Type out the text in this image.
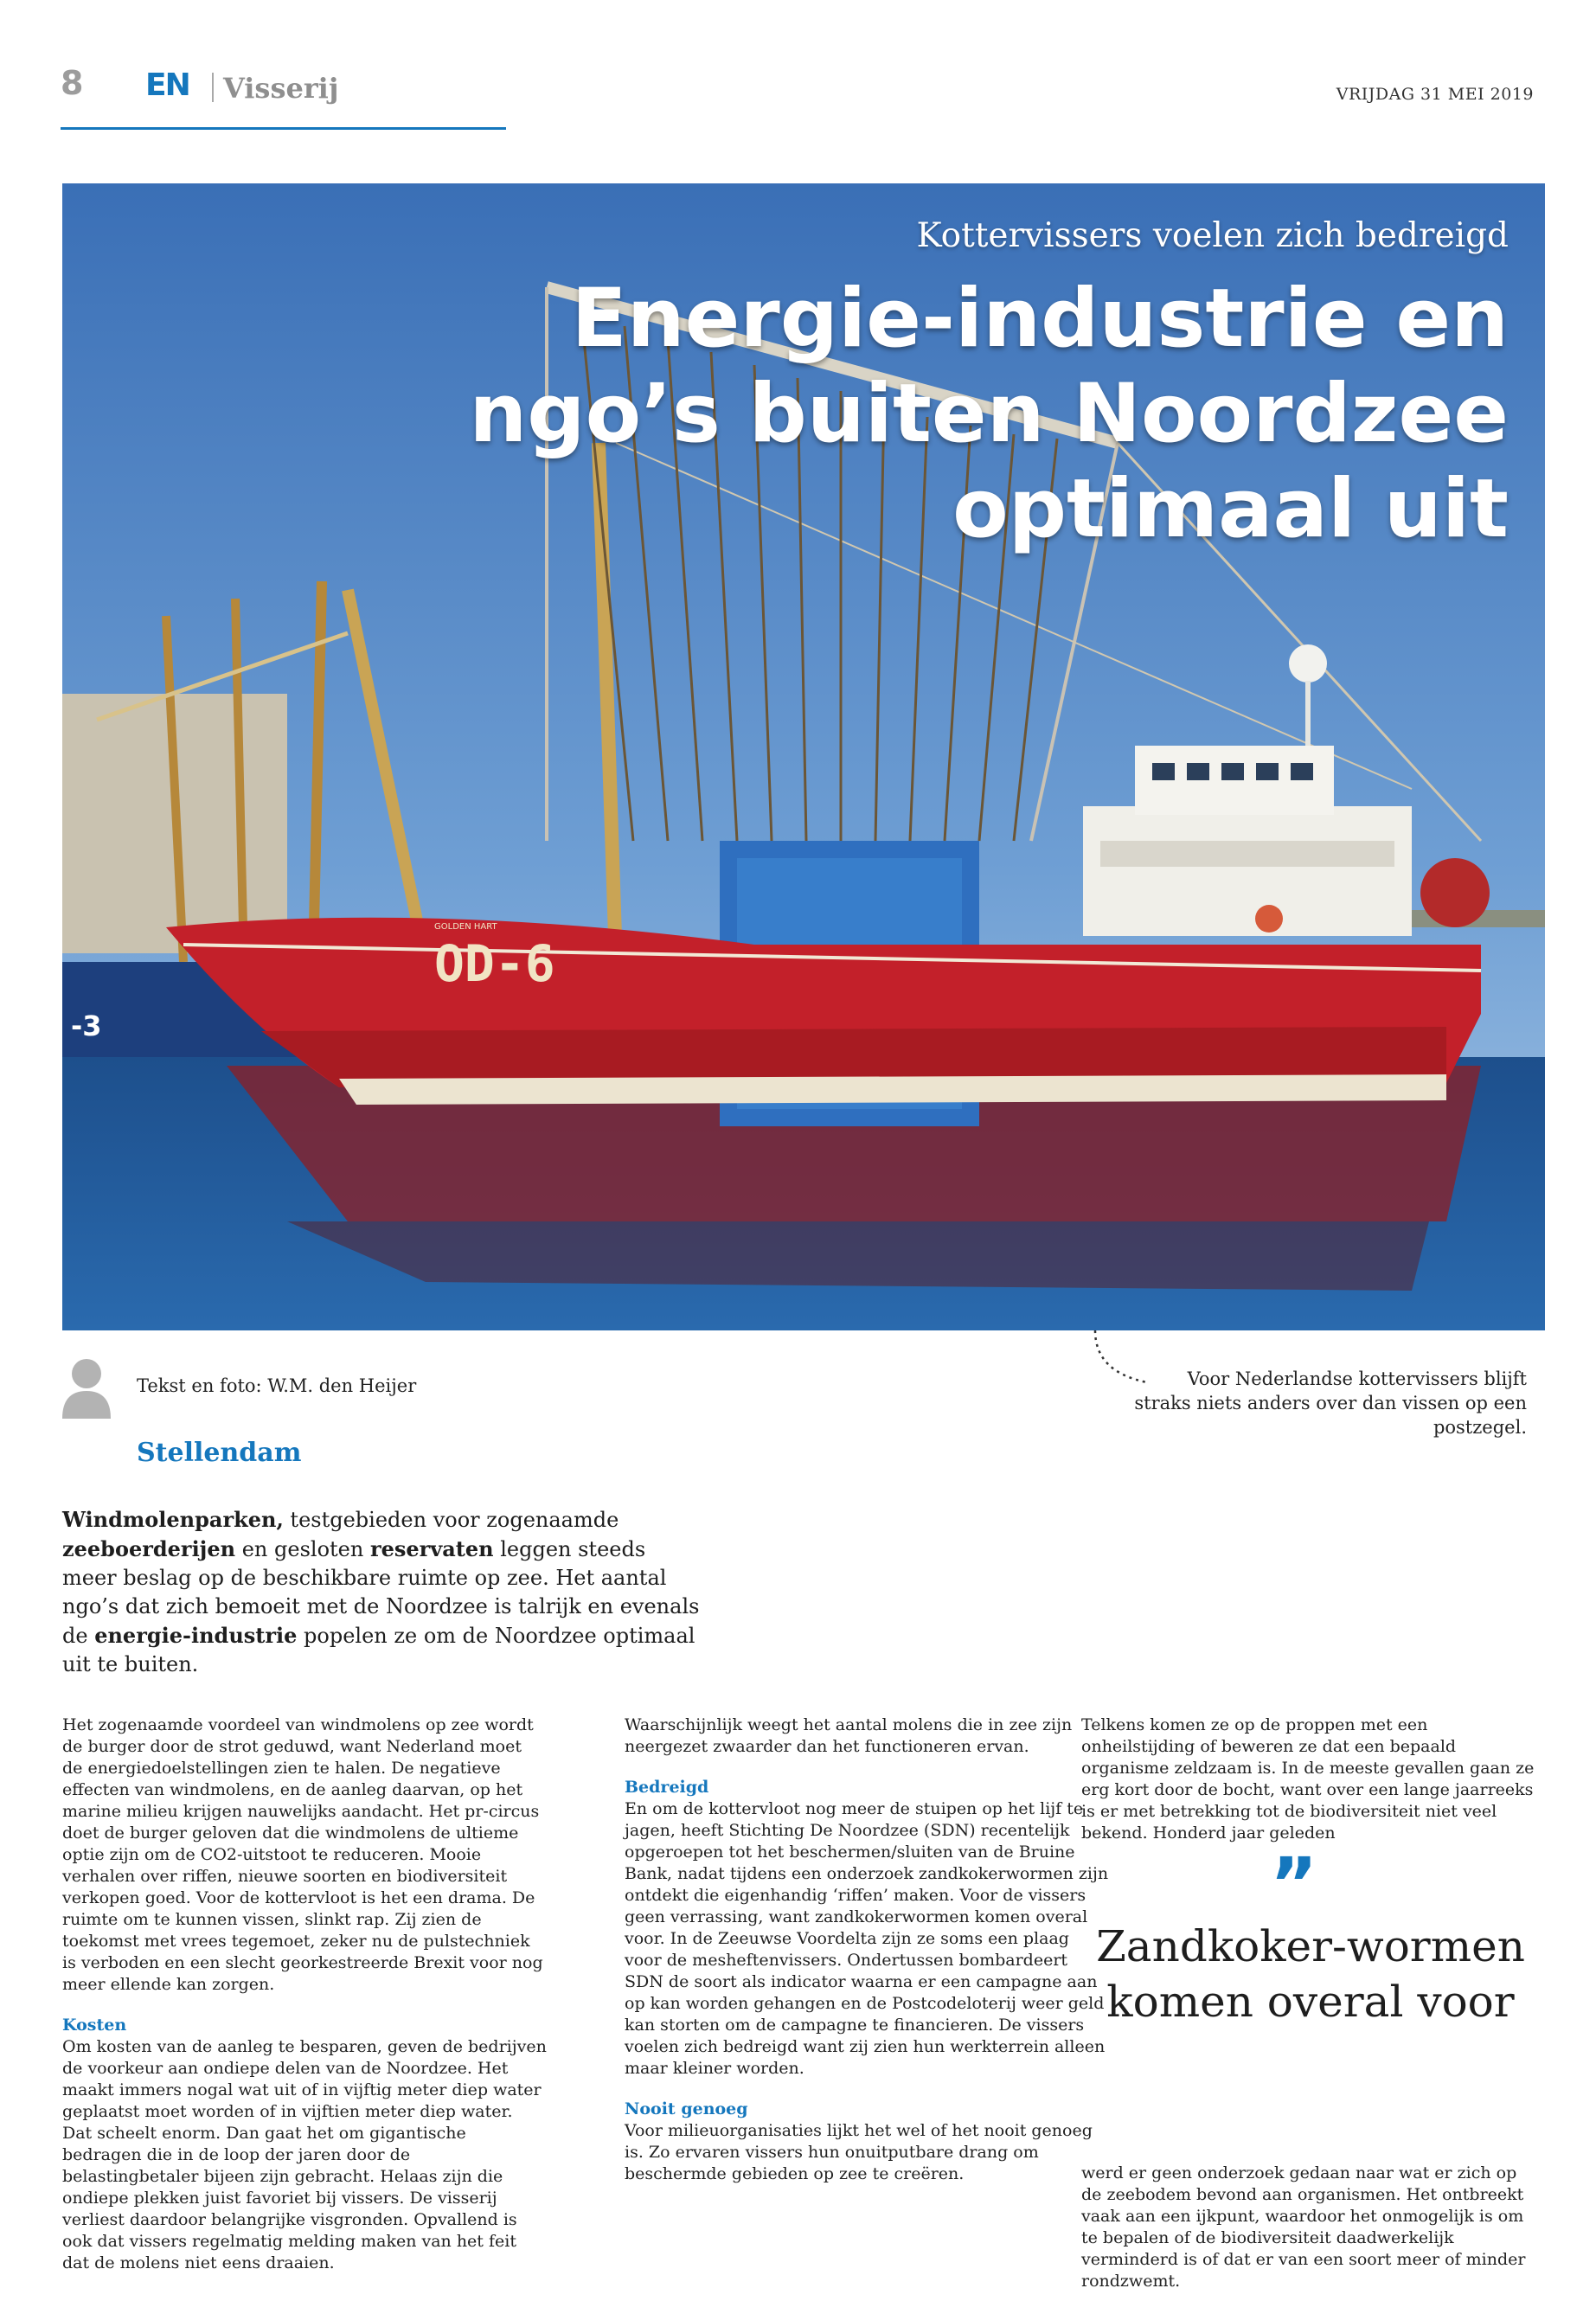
8 EN Visserij	VRIJDAG 31 MEI 2019
-3
OD-6
GOLDEN HART
Kottervissers voelen zich bedreigd
Energie-industrie en ngo’s buiten Noordzee optimaal uit
Tekst en foto: W.M. den Heijer
Stellendam
Voor Nederlandse kottervissers blijft straks niets anders over dan vissen op een postzegel.
Windmolenparken, testgebieden voor zogenaamde zeeboerderijen en gesloten reservaten leggen steeds meer beslag op de beschikbare ruimte op zee. Het aantal ngo’s dat zich bemoeit met de Noordzee is talrijk en evenals de energie-industrie popelen ze om de Noordzee optimaal uit te buiten.

Het zogenaamde voordeel van windmolens op zee wordt de burger door de strot geduwd, want Nederland moet de energiedoelstellingen zien te halen. De negatieve effecten van windmolens, en de aanleg daarvan, op het marine milieu krijgen nauwelijks aandacht. Het pr-circus doet de burger geloven dat die windmolens de ultieme optie zijn om de CO2-uitstoot te reduceren. Mooie verhalen over riffen, nieuwe soorten en biodiversiteit verkopen goed. Voor de kottervloot is het een drama. De ruimte om te kunnen vissen, slinkt rap. Zij zien de toekomst met vrees tegemoet, zeker nu de pulstechniek is verboden en een slecht georkestreerde Brexit voor nog meer ellende kan zorgen.

Kosten

Om kosten van de aanleg te besparen, geven de bedrijven de voorkeur aan ondiepe delen van de Noordzee. Het maakt immers nogal wat uit of in vijftig meter diep water geplaatst moet worden of in vijftien meter diep water. Dat scheelt enorm. Dan gaat het om gigantische bedragen die in de loop der jaren door de belastingbetaler bijeen zijn gebracht. Helaas zijn die ondiepe plekken juist favoriet bij vissers. De visserij verliest daardoor belangrijke visgronden. Opvallend is ook dat vissers regelmatig melding maken van het feit dat de molens niet eens draaien.

Waarschijnlijk weegt het aantal molens die in zee zijn neergezet zwaarder dan het functioneren ervan.

Bedreigd

En om de kottervloot nog meer de stuipen op het lijf te jagen, heeft Stichting De Noordzee (SDN) recentelijk opgeroepen tot het beschermen/sluiten van de Bruine Bank, nadat tijdens een onderzoek zandkokerwormen zijn ontdekt die eigenhandig ‘riffen’ maken. Voor de vissers geen verrassing, want zandkokerwormen komen overal voor. In de Zeeuwse Voordelta zijn ze soms een plaag voor de mesheftenvissers. Ondertussen bombardeert SDN de soort als indicator waarna er een campagne aan op kan worden gehangen en de Postcodeloterij weer geld kan storten om de campagne te financieren. De vissers voelen zich bedreigd want zij zien hun werkterrein alleen maar kleiner worden.

Nooit genoeg

Voor milieuorganisaties lijkt het wel of het nooit genoeg is. Zo ervaren vissers hun onuitputbare drang om beschermde gebieden op zee te creëren.

Telkens komen ze op de proppen met een onheilstijding of beweren ze dat een bepaald organisme zeldzaam is. In de meeste gevallen gaan ze erg kort door de bocht, want over een lange jaarreeks is er met betrekking tot de biodiversiteit niet veel bekend. Honderd jaar geleden

”
Zandkoker-wormen komen overal voor

werd er geen onderzoek gedaan naar wat er zich op de zeebodem bevond aan organismen. Het ontbreekt vaak aan een ijkpunt, waardoor het onmogelijk is om te bepalen of de biodiversiteit daadwerkelijk verminderd is of dat er van een soort meer of minder rondzwemt.
